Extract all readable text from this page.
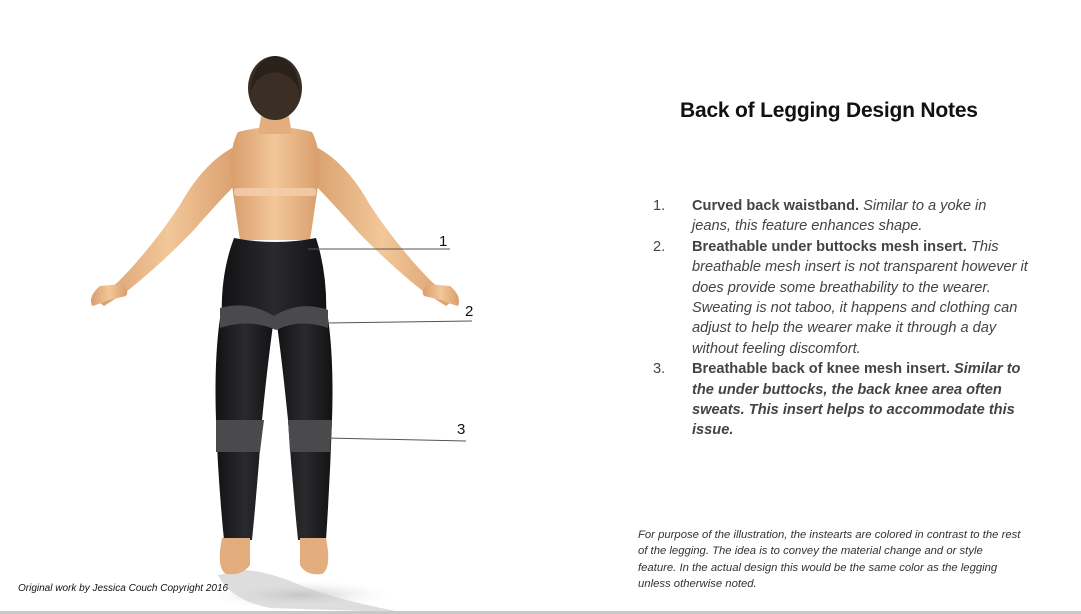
1
2
3
Original work by Jessica Couch Copyright 2016
Back of Legging Design Notes
1. Curved back waistband. Similar to a yoke in jeans, this feature enhances shape.
2. Breathable under buttocks mesh insert. This breathable mesh insert is not transparent however it does provide some breathability to the wearer. Sweating is not taboo, it happens and clothing can adjust to help the wearer make it through a day without feeling discomfort.
3. Breathable back of knee mesh insert. Similar to the under buttocks, the back knee area often sweats. This insert helps to accommodate this issue.

For purpose of the illustration, the instearts are colored in contrast to the rest of the legging. The idea is to convey the material change and or style feature. In the actual design this would be the same color as the legging unless otherwise noted.
